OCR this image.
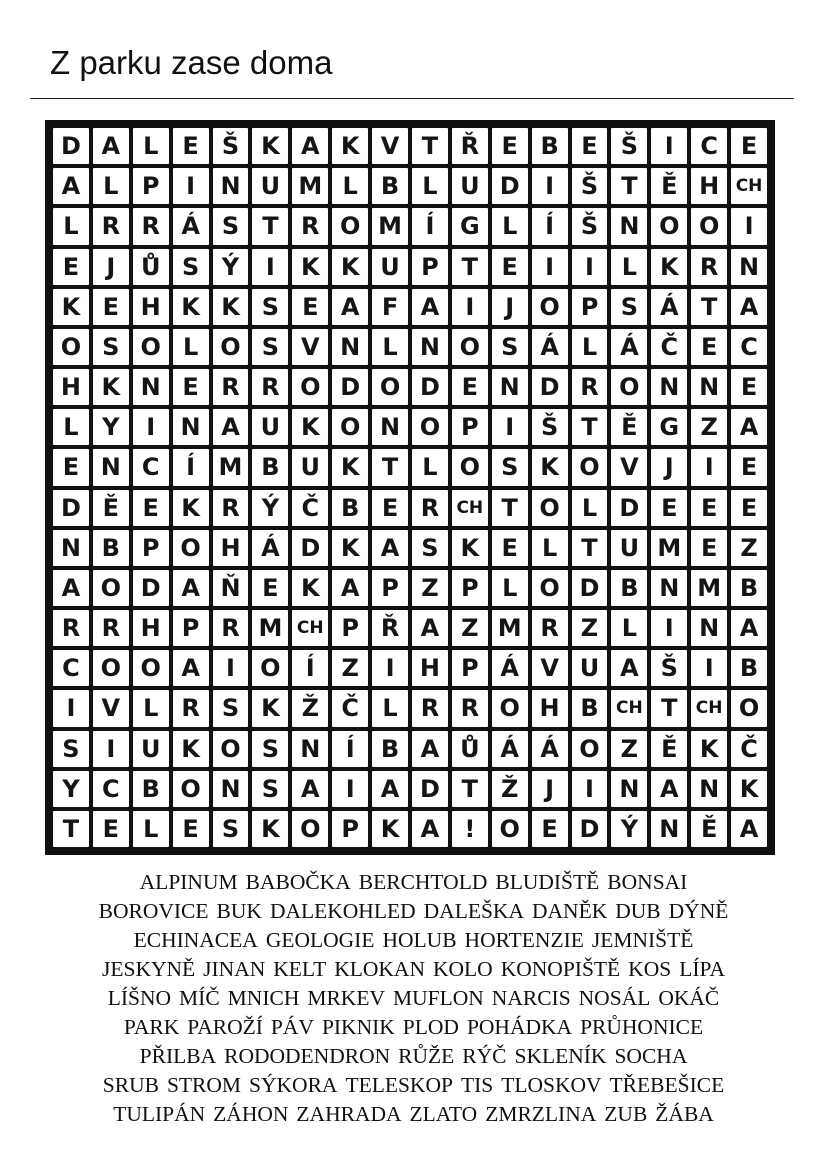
Z parku zase doma
D A L	E Š K A K V T Ř E B E Š	I	C E
A L P	I	N U M L B L U D	I	Š T Ě H CH
L R R Á S T R O M Í	G L	Í	Š N O O	I
E	J	Ů S Ý	I	K K U P T E	I	I	L K R N
K E H K K S E A F A	I	J	O P S Á T A
O S O L O S V N L N O S Á L Á Č E C
H K N E R R O D O D E N D R O N N E
L Y	I	N A U K O N O P	I	Š T Ě G Z A
E N C	Í M B U K T	L O S K O V	J	I	E
D Ě E K R Ý Č B E R	CH T O L D E E E
N B P O H Á D K A S K E	L	T U M E Z
A O D A Ň E K A P Z P L O D B N M B
R R H P R M CH P Ř A Z M R Z L	I	N A
C O O A	I	O	Í	Z	I	H P Á V U A Š	I	B
I	V L R S K Ž Č L R R O H B	CH T	CH O
S	I	U K O S N	Í	B A Ů Á Á O Z Ě K Č
Y C B O N S A	I	A D T Ž	J	I	N A N K
T E	L	E S K O P K A	!	O E D Ý N Ě A
ALPINUM BABOČKA BERCHTOLD BLUDIŠTĚ BONSAI
BOROVICE BUK DALEKOHLED DALEŠKA DANĚK DUB DÝNĚ
ECHINACEA GEOLOGIE HOLUB HORTENZIE JEMNIŠTĚ
JESKYNĚ JINAN KELT KLOKAN KOLO KONOPIŠTĚ KOS LÍPA
LÍŠNO MÍČ MNICH MRKEV MUFLON NARCIS NOSÁL OKÁČ
PARK PAROŽÍ PÁV PIKNIK PLOD POHÁDKA PRŮHONICE
PŘILBA RODODENDRON RŮŽE RÝČ SKLENÍK SOCHA
SRUB STROM SÝKORA TELESKOP TIS TLOSKOV TŘEBEŠICE
TULIPÁN ZÁHON ZAHRADA ZLATO ZMRZLINA ZUB ŽÁBA
